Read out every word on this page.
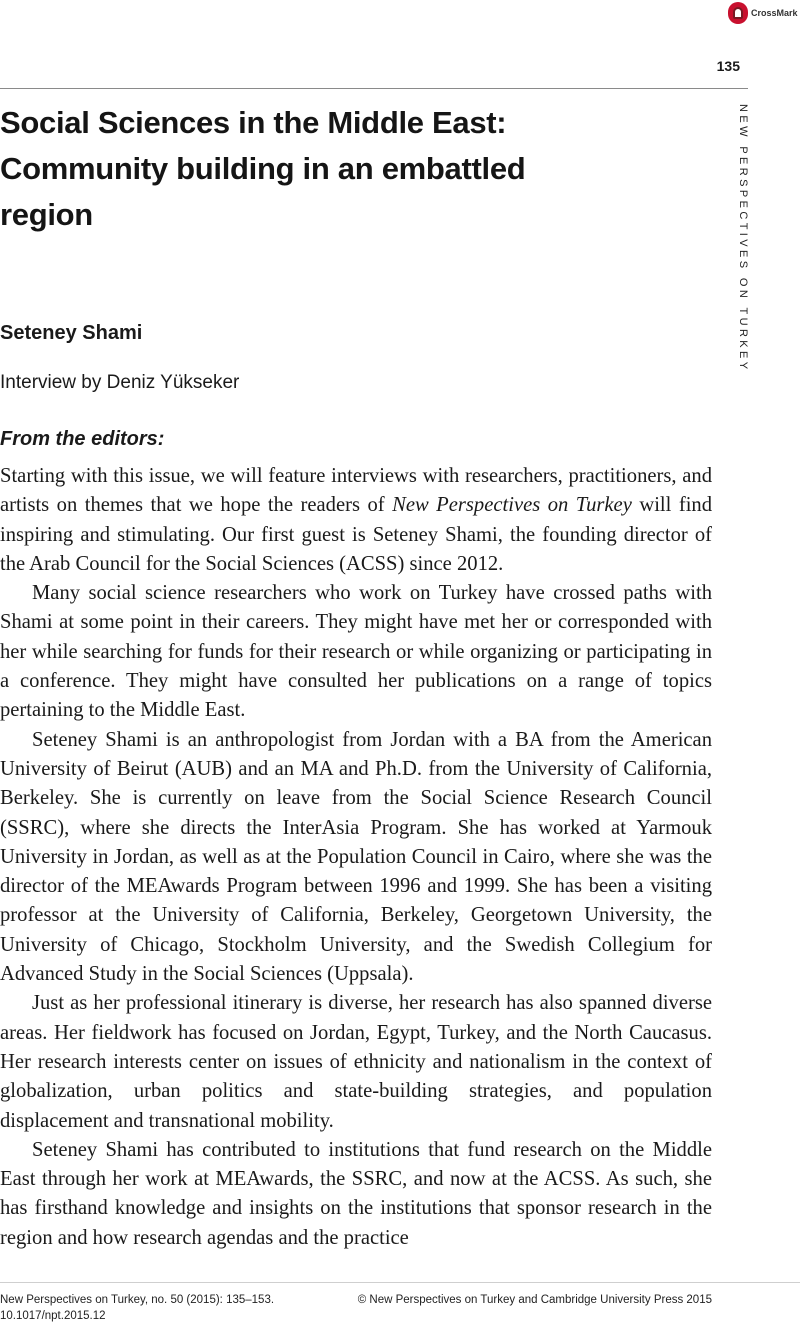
CrossMark
135
NEW PERSPECTIVES ON TURKEY
Social Sciences in the Middle East: Community building in an embattled region
Seteney Shami
Interview by Deniz Yükseker
From the editors:

Starting with this issue, we will feature interviews with researchers, practitioners, and artists on themes that we hope the readers of New Perspectives on Turkey will find inspiring and stimulating. Our first guest is Seteney Shami, the founding director of the Arab Council for the Social Sciences (ACSS) since 2012.

Many social science researchers who work on Turkey have crossed paths with Shami at some point in their careers. They might have met her or corresponded with her while searching for funds for their research or while organizing or participating in a conference. They might have consulted her publications on a range of topics pertaining to the Middle East.

Seteney Shami is an anthropologist from Jordan with a BA from the American University of Beirut (AUB) and an MA and Ph.D. from the University of California, Berkeley. She is currently on leave from the Social Science Research Council (SSRC), where she directs the InterAsia Program. She has worked at Yarmouk University in Jordan, as well as at the Population Council in Cairo, where she was the director of the MEAwards Program between 1996 and 1999. She has been a visiting professor at the University of California, Berkeley, Georgetown University, the University of Chicago, Stockholm University, and the Swedish Collegium for Advanced Study in the Social Sciences (Uppsala).

Just as her professional itinerary is diverse, her research has also spanned diverse areas. Her fieldwork has focused on Jordan, Egypt, Turkey, and the North Caucasus. Her research interests center on issues of ethnicity and nationalism in the context of globalization, urban politics and state-building strategies, and population displacement and transnational mobility.

Seteney Shami has contributed to institutions that fund research on the Middle East through her work at MEAwards, the SSRC, and now at the ACSS. As such, she has firsthand knowledge and insights on the institutions that sponsor research in the region and how research agendas and the practice

New Perspectives on Turkey, no. 50 (2015): 135–153.
10.1017/npt.2015.12
© New Perspectives on Turkey and Cambridge University Press 2015
